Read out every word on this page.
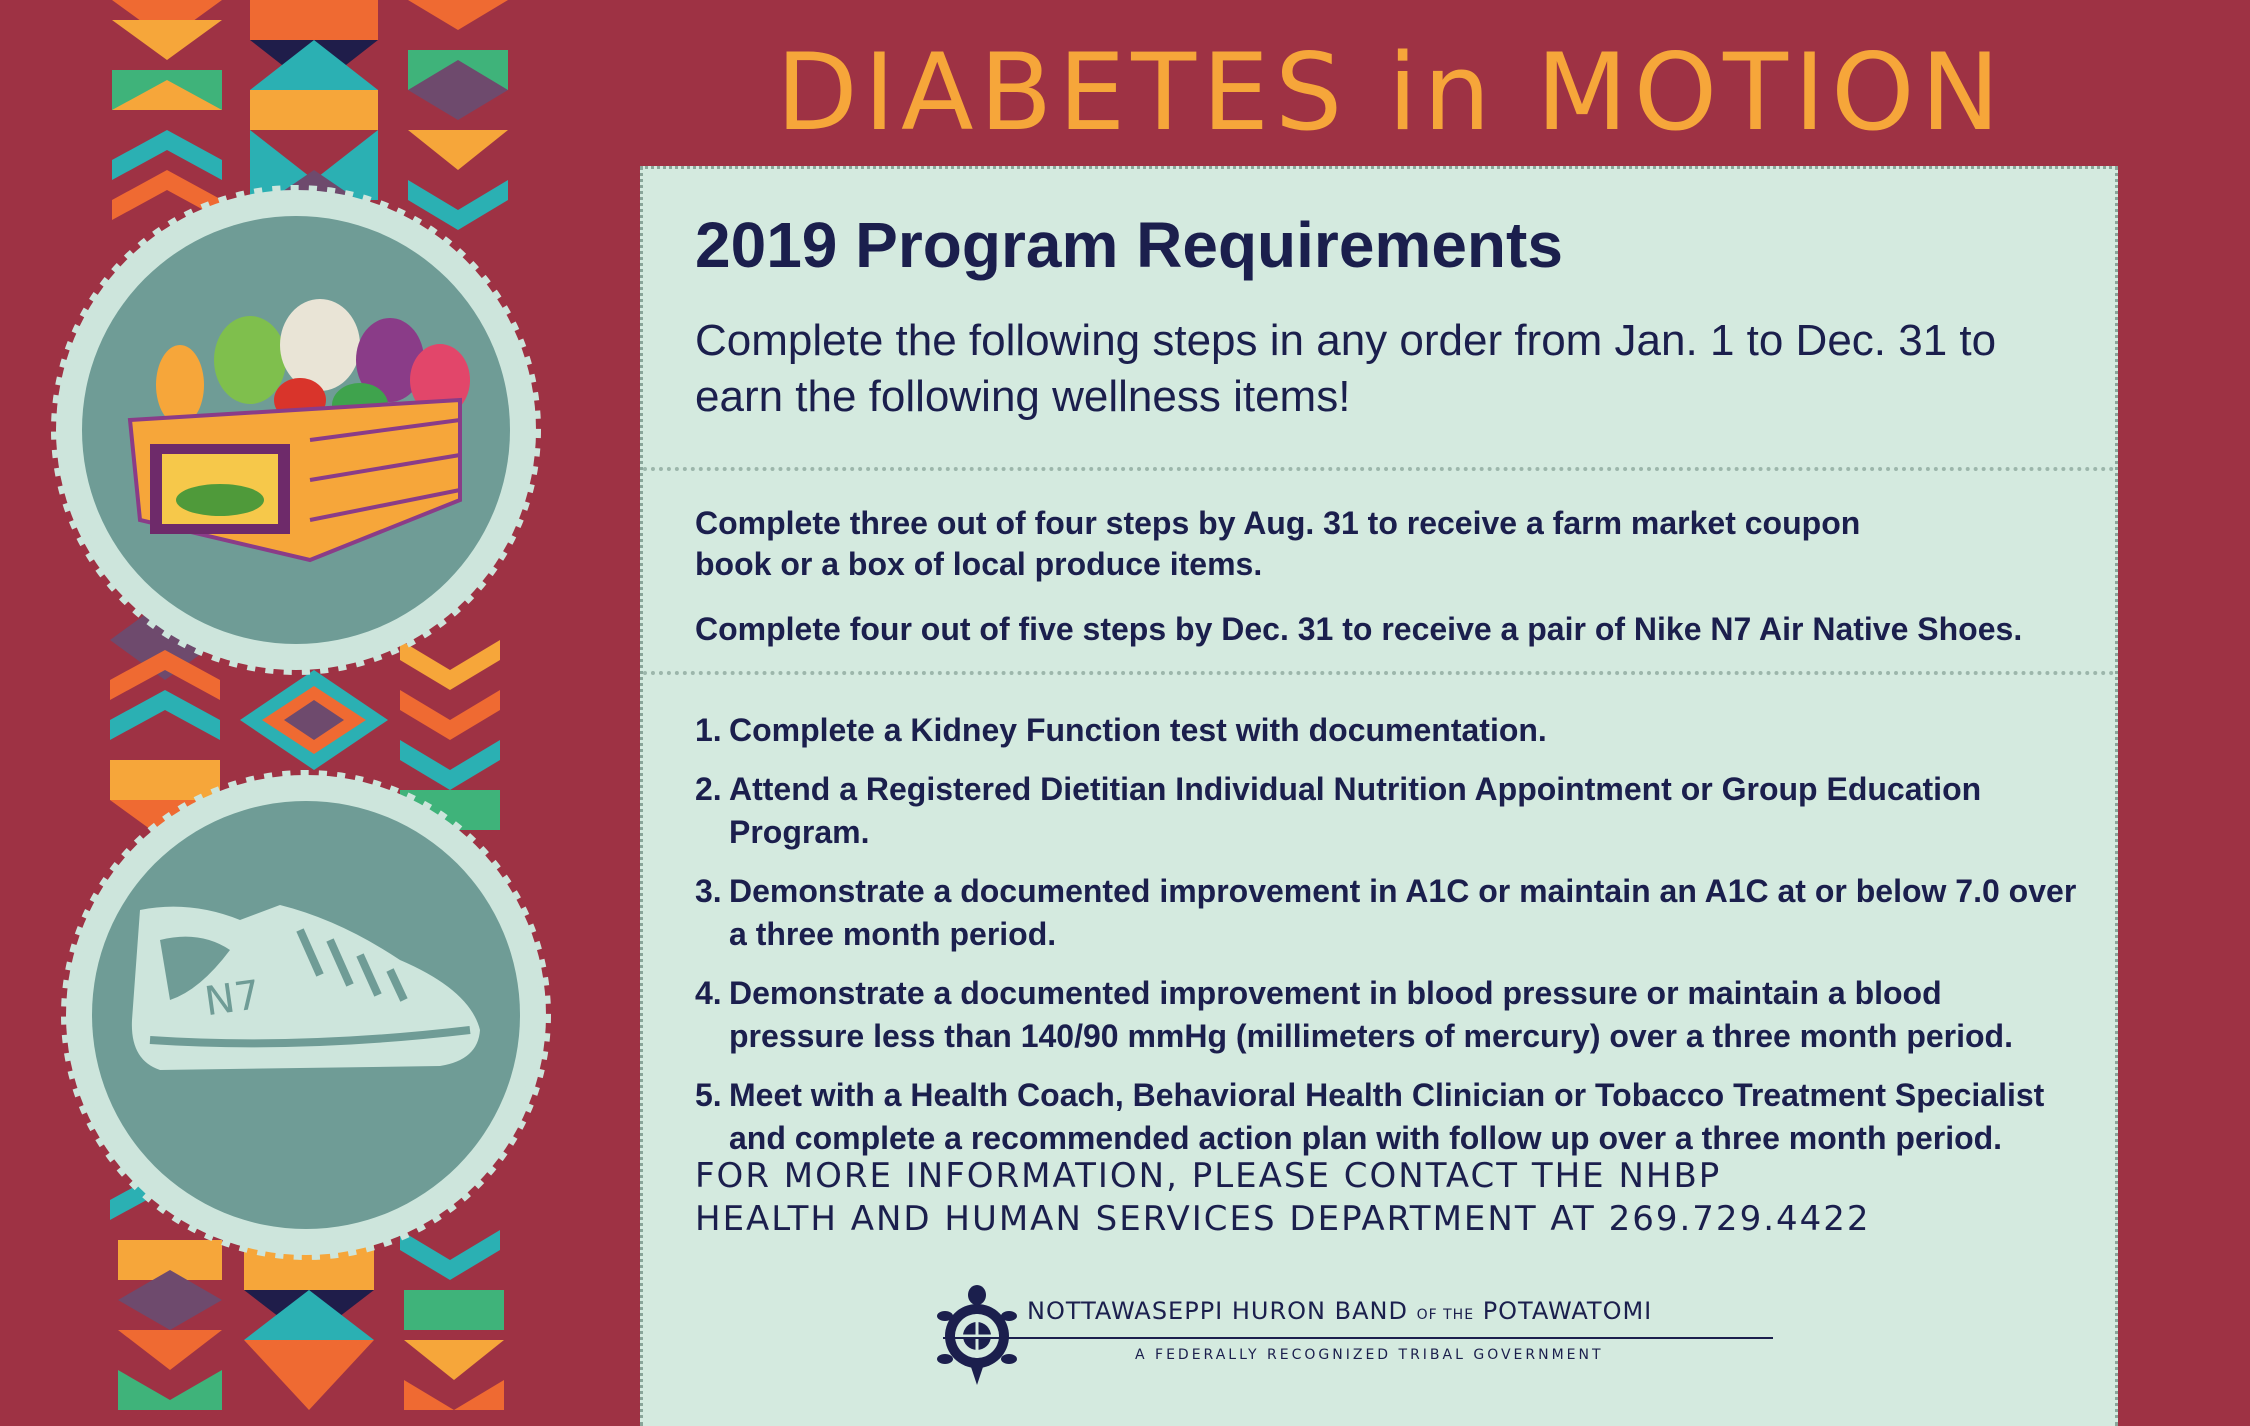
N7
DIABETES in MOTION
2019 Program Requirements

Complete the following steps in any order from Jan. 1 to Dec. 31 to earn the following wellness items!

Complete three out of four steps by Aug. 31 to receive a farm market coupon book or a box of local produce items.

Complete four out of five steps by Dec. 31 to receive a pair of Nike N7 Air Native Shoes.

1. Complete a Kidney Function test with documentation.
2. Attend a Registered Dietitian Individual Nutrition Appointment or Group Education Program.
3. Demonstrate a documented improvement in A1C or maintain an A1C at or below 7.0 over a three month period.
4. Demonstrate a documented improvement in blood pressure or maintain a blood pressure less than 140/90 mmHg (millimeters of mercury) over a three month period.
5. Meet with a Health Coach, Behavioral Health Clinician or Tobacco Treatment Specialist and complete a recommended action plan with follow up over a three month period.

FOR MORE INFORMATION, PLEASE CONTACT THE NHBP
HEALTH AND HUMAN SERVICES DEPARTMENT AT 269.729.4422

NOTTAWASEPPI HURON BAND OF THE POTAWATOMI
A FEDERALLY RECOGNIZED TRIBAL GOVERNMENT
